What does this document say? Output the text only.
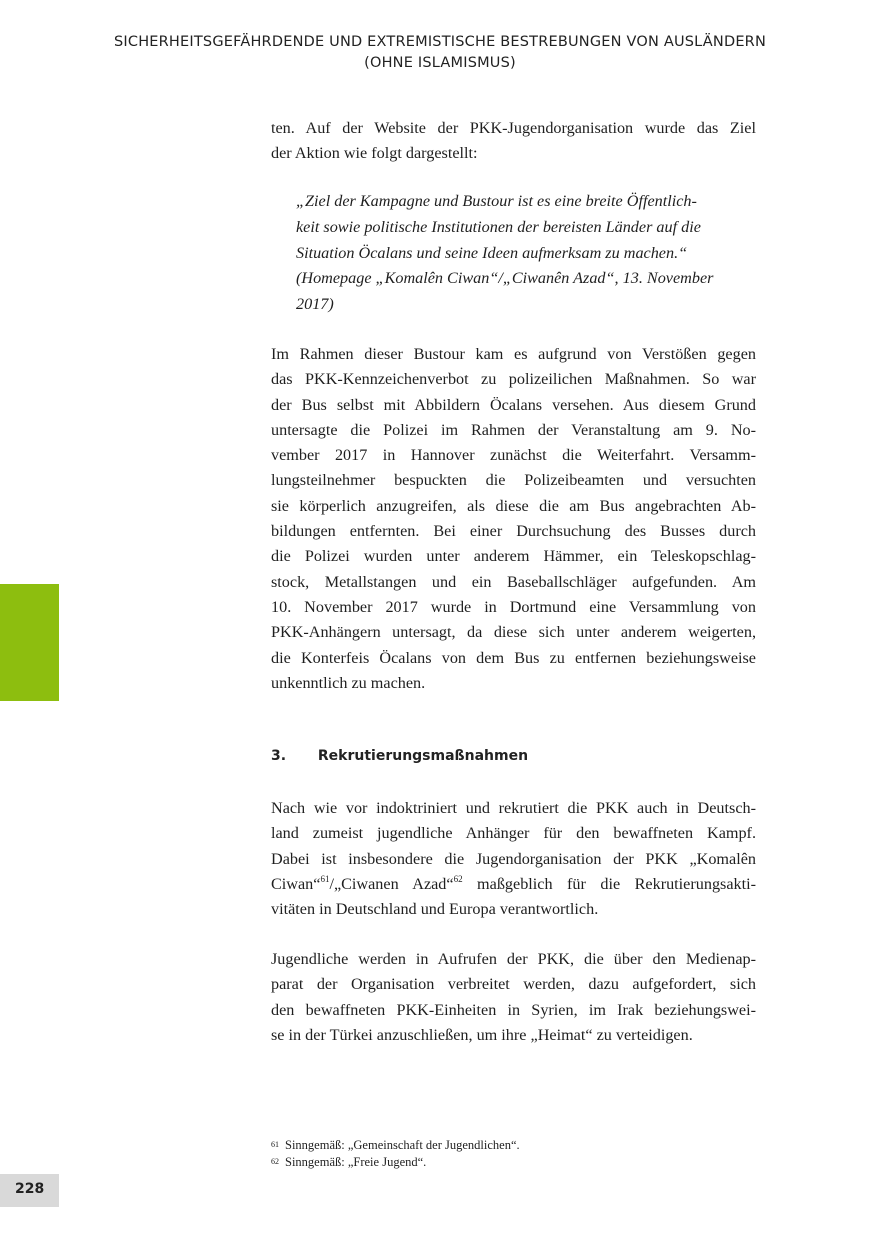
SICHERHEITSGEFÄHRDENDE UND EXTREMISTISCHE BESTREBUNGEN VON AUSLÄNDERN
(OHNE ISLAMISMUS)
ten. Auf der Website der PKK-Jugendorganisation wurde das Ziel
der Aktion wie folgt dargestellt:
„Ziel der Kampagne und Bustour ist es eine breite Öffentlich-
keit sowie politische Institutionen der bereisten Länder auf die
Situation Öcalans und seine Ideen aufmerksam zu machen.“
(Homepage „Komalên Ciwan“/„Ciwanên Azad“, 13. November
2017)
Im Rahmen dieser Bustour kam es aufgrund von Verstößen gegen
das PKK-Kennzeichenverbot zu polizeilichen Maßnahmen. So war
der Bus selbst mit Abbildern Öcalans versehen. Aus diesem Grund
untersagte die Polizei im Rahmen der Veranstaltung am 9. No-
vember 2017 in Hannover zunächst die Weiterfahrt. Versamm-
lungsteilnehmer bespuckten die Polizeibeamten und versuchten
sie körperlich anzugreifen, als diese die am Bus angebrachten Ab-
bildungen entfernten. Bei einer Durchsuchung des Busses durch
die Polizei wurden unter anderem Hämmer, ein Teleskopschlag-
stock, Metallstangen und ein Baseballschläger aufgefunden. Am
10. November 2017 wurde in Dortmund eine Versammlung von
PKK-Anhängern untersagt, da diese sich unter anderem weigerten,
die Konterfeis Öcalans von dem Bus zu entfernen beziehungsweise
unkenntlich zu machen.
3. Rekrutierungsmaßnahmen
Nach wie vor indoktriniert und rekrutiert die PKK auch in Deutsch-
land zumeist jugendliche Anhänger für den bewaffneten Kampf.
Dabei ist insbesondere die Jugendorganisation der PKK „Komalên
Ciwan“$^{61}$/„Ciwanen Azad“$^{62}$ maßgeblich für die Rekrutierungsakti-
vitäten in Deutschland und Europa verantwortlich.
Jugendliche werden in Aufrufen der PKK, die über den Medienap-
parat der Organisation verbreitet werden, dazu aufgefordert, sich
den bewaffneten PKK-Einheiten in Syrien, im Irak beziehungswei-
se in der Türkei anzuschließen, um ihre „Heimat“ zu verteidigen.
61 Sinngemäß: „Gemeinschaft der Jugendlichen“.
62 Sinngemäß: „Freie Jugend“.
228
